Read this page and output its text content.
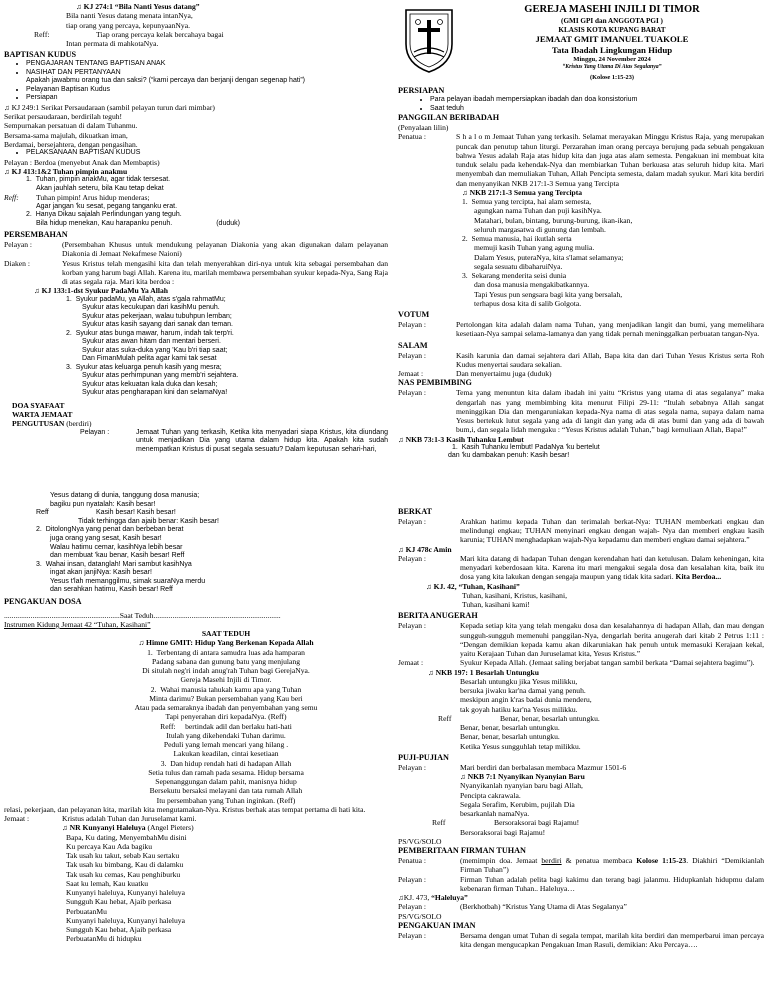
♫ KJ 274:1 “Bila Nanti Yesus datang”
Bila nanti Yesus datang menata intanNya,
tiap orang yang percaya, kepunyaanNya.
Reff:	Tiap orang percaya kelak bercahaya bagai
Intan permata di mahkotaNya.
BAPTISAN KUDUS
• PENGAJARAN TENTANG BAPTISAN ANAK
• NASIHAT DAN PERTANYAAN
Apakah jawabmu orang tua dan saksi? (“kami percaya dan berjanji dengan segenap hati”)
• Pelayanan Baptisan Kudus
• Persiapan
♫ KJ 249:1 Serikat Persaudaraan (sambil pelayan turun dari mimbar)
Serikat persaudaraan, berdirilah teguh!
Sempurnakan persatuan di dalam Tuhanmu.
Bersama-sama majulah, dikuatkan iman,
Berdamai, bersejahtera, dengan pengasihan.
• PELAKSANAAN BAPTISAN KUDUS
Pelayan : Berdoa (menyebut Anak dan Membaptis)
♫ KJ 413:1&2 Tuhan pimpin anakmu
1.  Tuhan, pimpin anakMu, agar tidak tersesat.
Akan jauhlah seteru, bila Kau tetap dekat
Reff:	Tuhan pimpin! Arus hidup menderas;
Agar jangan 'ku sesat, pegang tanganku erat.
2.  Hanya Dikau sajalah Perlindungan yang teguh.
Bila hidup menekan, Kau harapanku penuh.	(duduk)
PERSEMBAHAN
Pelayan :	(Persembahan Khusus untuk mendukung pelayanan Diakonia yang akan digunakan dalam pelayanan Diakonia di Jemaat Nekafmese Naioni)
Diaken :	Yesus Kristus telah mengasihi kita dan telah menyerahkan diri-nya untuk kita sebagai persembahan dan korban yang harum bagi Allah. Karena itu, marilah membawa persembahan syukur kepada-Nya, Sang Raja di atas segala raja. Mari kita berdoa :
♫ KJ 133:1-dst Syukur PadaMu Ya Allah
1.  Syukur padaMu, ya Allah, atas s'gala rahmatMu;
Syukur atas kecukupan dari kasihMu penuh.
Syukur atas pekerjaan, walau tubuhpun lemban;
Syukur atas kasih sayang dari sanak dan teman.
2.  Syukur atas bunga mawar, harum, indah tak terp'ri.
Syukur atas awan hitam dan mentari berseri.
Syukur atas suka-duka yang 'Kau b'ri tiap saat;
Dan FimanMulah pelita agar kami tak sesat
3.  Syukur atas keluarga penuh kasih yang mesra;
Syukur atas perhimpunan yang memb'ri sejahtera.
Syukur atas kekuatan kala duka dan kesah;
Syukur atas pengharapan kini dan selamaNya!
DOA SYAFAAT
WARTA JEMAAT
PENGUTUSAN (berdiri)
Pelayan :	Jemaat Tuhan yang terkasih, Ketika kita menyadari siapa Kristus, kita diundang untuk menjadikan Dia yang utama dalam hidup kita. Apakah kita sudah menempatkan Kristus di pusat segala sesuatu? Dalam keputusan sehari-hari,
Yesus datang di dunia, tanggung dosa manusia;
bagiku pun nyatalah: Kasih besar!
Reff	Kasih besar! Kasih besar!
Tidak terhingga dan ajaib benar: Kasih besar!
2.  DitolongNya yang penat dan berbeban berat
juga orang yang sesat, Kasih besar!
Walau hatimu cemar, kasihNya lebih besar
dan membuat 'kau benar, Kasih besar! Reff
3.  Wahai insan, datanglah! Mari sambut kasihNya
ingat akan janjiNya: Kasih besar!
Yesus t'lah memanggilmu, simak suaraNya merdu
dan serahkan hatimu, Kasih besar! Reff
PENGAKUAN DOSA
.............................................................Saat Teduh...................................................................
Instrumen Kidung Jemaat 42 “Tuhan, Kasihani”
SAAT TEDUH
♫ Himne GMIT: Hidup Yang Berkenan Kepada Allah
1.  Terbentang di antara samudra luas ada hamparan
Padang sabana dan gunung batu yang menjulang
Di situlah neg'ri indah anug'rah Tuhan bagi GerejaNya.
Gereja Masehi Injili di Timor.
2.  Wahai manusia tahukah kamu apa yang Tuhan
Minta darimu? Bukan persembahan yang Kau beri
Atau pada semaraknya ibadah dan penyembahan yang semu
Tapi penyerahan diri kepadaNya. (Reff)
Reff: bertindak adil dan berlaku hati-hati
Itulah yang dikehendaki Tuhan darimu.
Peduli yang lemah mencari yang hilang .
Lakukan keadilan, cintai kesetiaan
3.  Dan hidup rendah hati di hadapan Allah
Setia tulus dan ramah pada sesama. Hidup bersama
Sepenanggungan dalam pahit, manisnya hidup
Bersekutu bersaksi melayani dan tata rumah Allah
Itu persembahan yang Tuhan inginkan. (Reff)
relasi, pekerjaan, dan pelayanan kita, marilah kita mengutamakan-Nya. Kristus berhak atas tempat pertama di hati kita.
Jemaat :	Kristus adalah Tuhan dan Juruselamat kami.
♫ NR Kunyanyi Haleluya (Angel Pieters)
Bapa, Ku dating, MenyembahMu disini
Ku percaya Kau Ada bagiku
Tak usah ku takut, sebab Kau sertaku
Tak usah ku bimbang, Kau di dalamku
Tak usah ku cemas, Kau penghiburku
Saat ku lemah, Kau kuatku
Kunyanyi haleluya, Kunyanyi haleluya
Sungguh Kau hebat, Ajaib perkasa
PerbuatanMu
Kunyanyi haleluya, Kunyanyi haleluya
Sungguh Kau hebat, Ajaib perkasa
PerbuatanMu di hidupku
GEREJA MASEHI INJILI DI TIMOR
(GMI GPI dan ANGGOTA PGI )
KLASIS KOTA KUPANG BARAT
JEMAAT GMIT IMANUEL TUAKOLE
Tata Ibadah Lingkungan Hidup
Minggu, 24 November 2024
“Kristus Yang Utama Di Atas Segalanya”
(Kolose 1:15-23)
PERSIAPAN
• Para pelayan ibadah mempersiapkan ibadah dan doa konsistorium
• Saat teduh
PANGGILAN BERIBADAH
(Penyalaan lilin)
Penatua :	S h a l o m Jemaat Tuhan yang terkasih. Selamat merayakan Minggu Kristus Raja, yang merupakan puncak dan penutup tahun liturgi. Perzarahan iman orang percaya berujung pada sebuah pengakuan bahwa Yesus adalah Raja atas hidup kita dan juga atas alam semesta. Pengakuan ini membuat kita tunduk selalu pada kehendak-Nya dan membiarkan Tuhan berkuasa atas seluruh hidup kita. Mari menyembah dan memuliakan Tuhan, Allah Pencipta semesta, dalam madah syukur. Mari kita berdiri dan menyanyikan NKB 217:1-3 Semua yang Tercipta
♫ NKB 217:1-3 Semua yang Tercipta
1.  Semua yang tercipta, hai alam semesta,
agungkan nama Tuhan dan puji kasihNya.
Matahari, bulan, bintang, burung-burung, ikan-ikan,
seluruh margasatwa di gunung dan lembah.
2.  Semua manusia, hai ikutlah serta
memuji kasih Tuhan yang agung mulia.
Dalam Yesus, puteraNya, kita s'lamat selamanya;
segala sesuatu dibaharuiNya.
3.  Sekarang menderita seisi dunia
dan dosa manusia mengakibatkannya.
Tapi Yesus pun sengsara bagi kita yang bersalah,
terhapus dosa kita di salib Golgota.
VOTUM
Pelayan :	Pertolongan kita adalah dalam nama Tuhan, yang menjadikan langit dan bumi, yang memelihara kesetiaan-Nya sampai selama-lamanya dan yang tidak pernah meninggalkan perbuatan tangan-Nya.
SALAM
Pelayan :	Kasih karunia dan damai sejahtera dari Allah, Bapa kita dan dari Tuhan Yesus Kristus serta Roh Kudus menyertai saudara sekalian.
Jemaat :	Dan menyertaimu juga (duduk)
NAS PEMBIMBING
Pelayan :	Tema yang menuntun kita dalam ibadah ini yaitu “Kristus yang utama di atas segalanya” maka dengarlah nas yang membimbing kita menurut Filipi 29-11: “Itulah sebabnya Allah sangat meninggikan Dia dan mengaruniakan kepada-Nya nama di atas segala nama, supaya dalam nama Yesus bertekuk lutut segala yang ada di langit dan yang ada di atas bumi dan yang ada di bawah bum,i, dan segala lidah mengaku : “Yesus Kristus adalah Tuhan,” bagi kemuliaan Allah, Bapa!”
♫ NKB 73:1-3 Kasih Tuhanku Lembut
1.  Kasih Tuhanku lembut! PadaNya 'ku bertelut
dan 'ku dambakan penuh: Kasih besar!
BERKAT
Pelayan :	Arahkan hatimu kepada Tuhan dan terimalah berkat-Nya: TUHAN memberkati engkau dan melindungi engkau; TUHAN menyinari engkau dengan wajah- Nya dan memberi engkau kasih karunia; TUHAN menghadapkan wajah-Nya kepadamu dan memberi engkau damai sejahtera.”
♫ KJ 478c Amin
Pelayan :	Mari kita datang di hadapan Tuhan dengan kerendahan hati dan ketulusan. Dalam keheningan, kita menyadari keberdosaan kita. Karena itu mari mengakui segala dosa dan kesalahan kita, baik itu dosa yang kita lakukan dengan sengaja maupun yang tidak kita sadari. Kita Berdoa...
♫ KJ. 42, “Tuhan, Kasihani”
Tuhan, kasihani, Kristus, kasihani,
Tuhan, kasihani kami!
BERITA ANUGERAH
Pelayan :	Kepada setiap kita yang telah mengaku dosa dan kesalahannya di hadapan Allah, dan mau dengan sungguh-sungguh memenuhi panggilan-Nya, dengarlah berita anugerah dari kitab 2 Petrus 1:11 : “Dengan demikian kepada kamu akan dikaruniakan hak penuh untuk memasuki Kerajaan kekal, yaitu Kerajaan Tuhan dan Juruselamat kita, Yesus Kristus.”
Jemaat :	Syukur Kepada Allah. (Jemaat saling berjabat tangan sambil berkata “Damai sejahtera bagimu”).
♫ NKB 197: 1 Besarlah Untungku
Besarlah untungku jika Yesus milikku,
bersuka jiwaku kar'na damai yang penuh.
meskipun angin k'ras badai dunia menderu,
tak goyah hatiku kar'na Yesus milikku.
Reff	Benar, benar, besarlah untungku.
Benar, benar, besarlah untungku.
Benar, benar, besarlah untungku.
Ketika Yesus sungguhlah tetap milikku.
PUJI-PUJIAN
Pelayan :	Mari berdiri dan berbalasan membaca Mazmur 1501-6
♫ NKB 7:1 Nyanyikan Nyanyian Baru
Nyanyikanlah nyanyian baru bagi Allah,
Pencipta cakrawala.
Segala Serafim, Kerubim, pujilah Dia
besarkanlah namaNya.
Reff	Bersoraksoraі bagi Rajamu!
Bersoraksorai bagi Rajamu!
PS/VG/SOLO
PEMBERITAAN FIRMAN TUHAN
Penatua :	(memimpin doa. Jemaat berdiri & penatua membaca Kolose 1:15-23. Diakhiri “Demikianlah Firman Tuhan”)
Pelayan :	Firman Tuhan adalah pelita bagi kakimu dan terang bagi jalanmu. Hidupkanlah hidupmu dalam kebenaran firman Tuhan.. Haleluya…
♫KJ. 473, “Haleluya”
Pelayan :	(Berkhotbah) “Kristus Yang Utama di Atas Segalanya”
PS/VG/SOLO
PENGAKUAN IMAN
Pelayan :	Bersama dengan umat Tuhan di segala tempat, marilah kita berdiri dan memperbarui iman percaya kita dengan mengucapkan Pengakuan Iman Rasuli, demikian: Aku Percaya….
